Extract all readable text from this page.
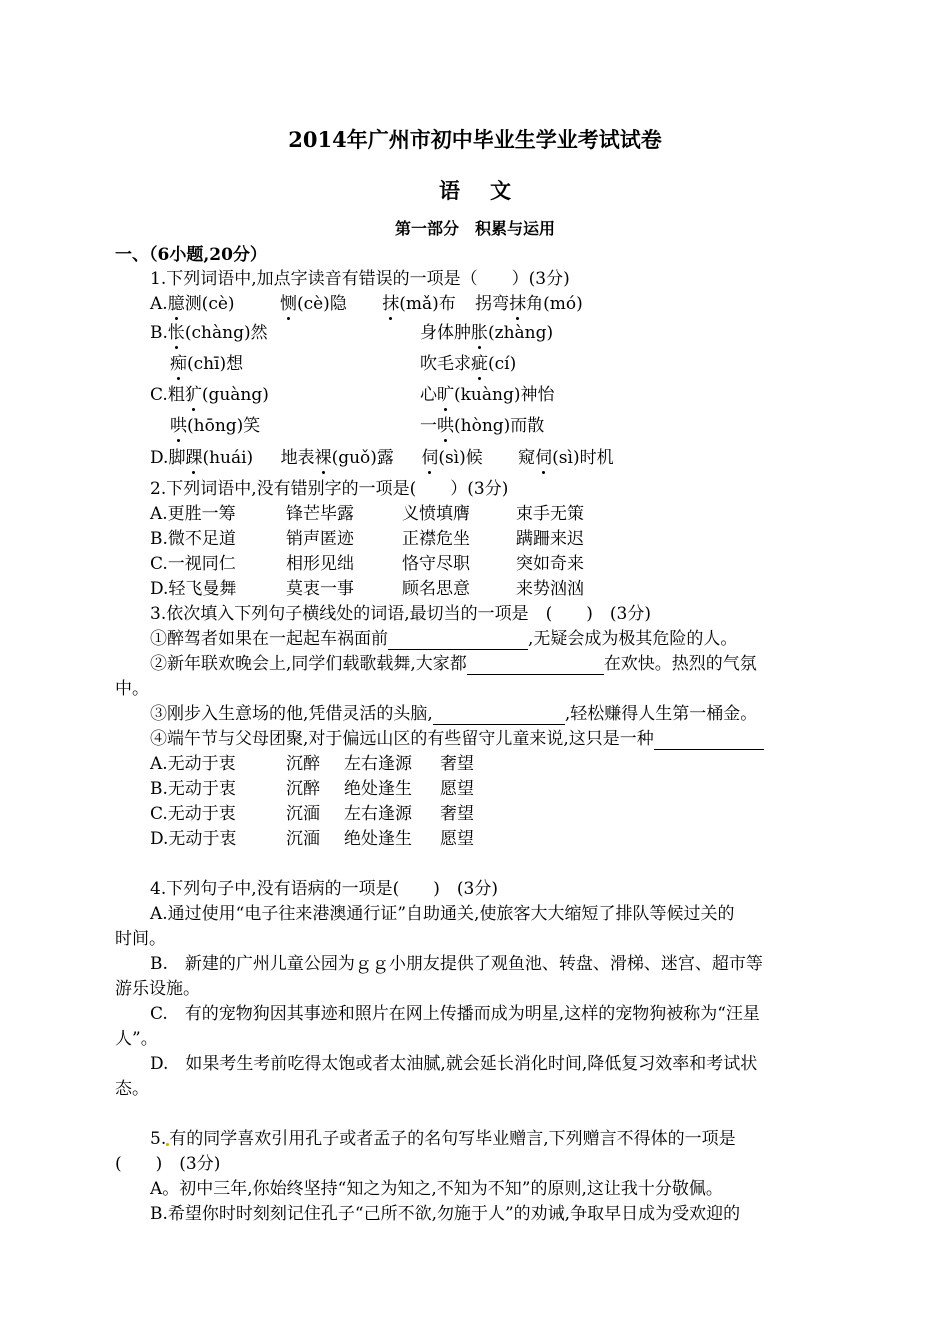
2014年广州市初中毕业生学业考试试卷
语文
第一部分　积累与运用
一、（6小题,20分）
1.下列词语中,加点字读音有错误的一项是（　　）(3分)
A.臆测(cè)	恻(cè)隐 抹(mǎ)布 拐弯抹角(mó)
B.怅(chàng)然	身体肿胀(zhàng)
痴(chī)想	吹毛求疵(cí)
C.粗犷(guàng)	心旷(kuàng)神怡
哄(hōng)笑	一哄(hòng)而散
D.脚踝(huái) 地表裸(guǒ)露 伺(sì)候 窥伺(sì)时机
2.下列词语中,没有错别字的一项是(　　）(3分)
A.更胜一筹	锋芒毕露	义愤填膺	束手无策
B.微不足道	销声匿迹	正襟危坐	蹒跚来迟
C.一视同仁	相形见绌	恪守尽职	突如奇来
D.轻飞曼舞	莫衷一事	顾名思意	来势汹汹
3.依次填入下列句子横线处的词语,最切当的一项是　(　　)　(3分)
①醉驾者如果在一起起车祸面前	,无疑会成为极其危险的人。
②新年联欢晚会上,同学们载歌载舞,大家都	在欢快。热烈的气氛
中。
③刚步入生意场的他,凭借灵活的头脑,	,轻松赚得人生第一桶金。
④端午节与父母团聚,对于偏远山区的有些留守儿童来说,这只是一种
A.无动于衷	沉醉 左右逢源 奢望
B.无动于衷	沉醉 绝处逢生 愿望
C.无动于衷	沉湎 左右逢源 奢望
D.无动于衷	沉湎 绝处逢生 愿望
4.下列句子中,没有语病的一项是(　　)　(3分)
A.通过使用“电子往来港澳通行证”自助通关,使旅客大大缩短了排队等候过关的
时间。
B.　新建的广州儿童公园为ｇｇ小朋友提供了观鱼池、转盘、滑梯、迷宫、超市等
游乐设施。
C.　有的宠物狗因其事迹和照片在网上传播而成为明星,这样的宠物狗被称为“汪星
人”。
D.　如果考生考前吃得太饱或者太油腻,就会延长消化时间,降低复习效率和考试状
态。
5. 有的同学喜欢引用孔子或者孟子的名句写毕业赠言,下列赠言不得体的一项是
(　　)　(3分)
A。初中三年,你始终坚持“知之为知之,不知为不知”的原则,这让我十分敬佩。
B.希望你时时刻刻记住孔子“己所不欲,勿施于人”的劝诫,争取早日成为受欢迎的
